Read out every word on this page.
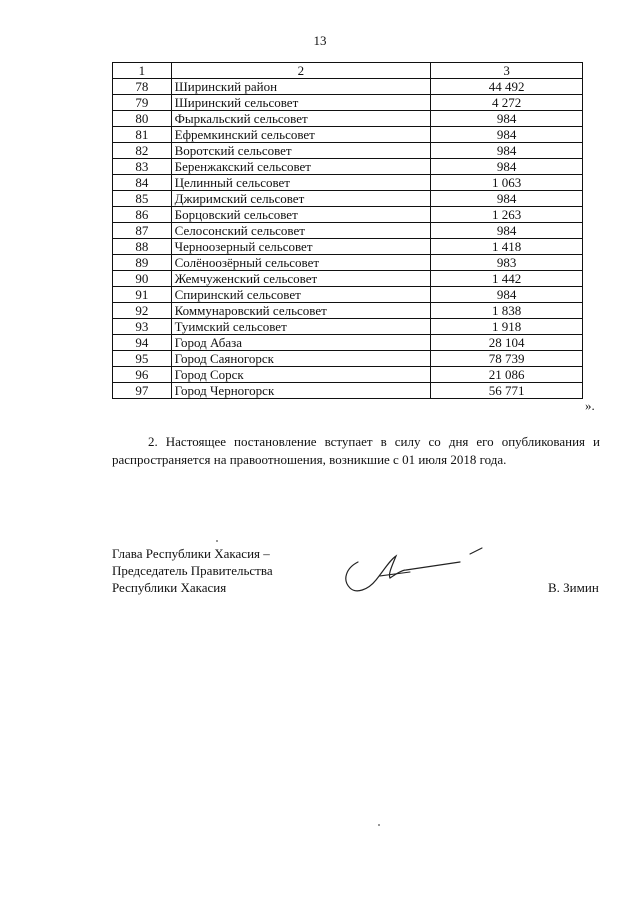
13
1	2	3
78	Ширинский район	44 492
79	Ширинский сельсовет	4 272
80	Фыркальский сельсовет	984
81	Ефремкинский сельсовет	984
82	Воротский сельсовет	984
83	Беренжакский сельсовет	984
84	Целинный сельсовет	1 063
85	Джиримский сельсовет	984
86	Борцовский сельсовет	1 263
87	Селосонский сельсовет	984
88	Черноозерный сельсовет	1 418
89	Солёноозёрный сельсовет	983
90	Жемчуженский сельсовет	1 442
91	Спиринский сельсовет	984
92	Коммунаровский сельсовет	1 838
93	Туимский сельсовет	1 918
94	Город Абаза	28 104
95	Город Саяногорск	78 739
96	Город Сорск	21 086
97	Город Черногорск	56 771
».
2. Настоящее постановление вступает в силу со дня его опубликования и распространяется на правоотношения, возникшие с 01 июля 2018 года.
Глава Республики Хакасия –
Председатель Правительства
Республики Хакасия	В. Зимин
